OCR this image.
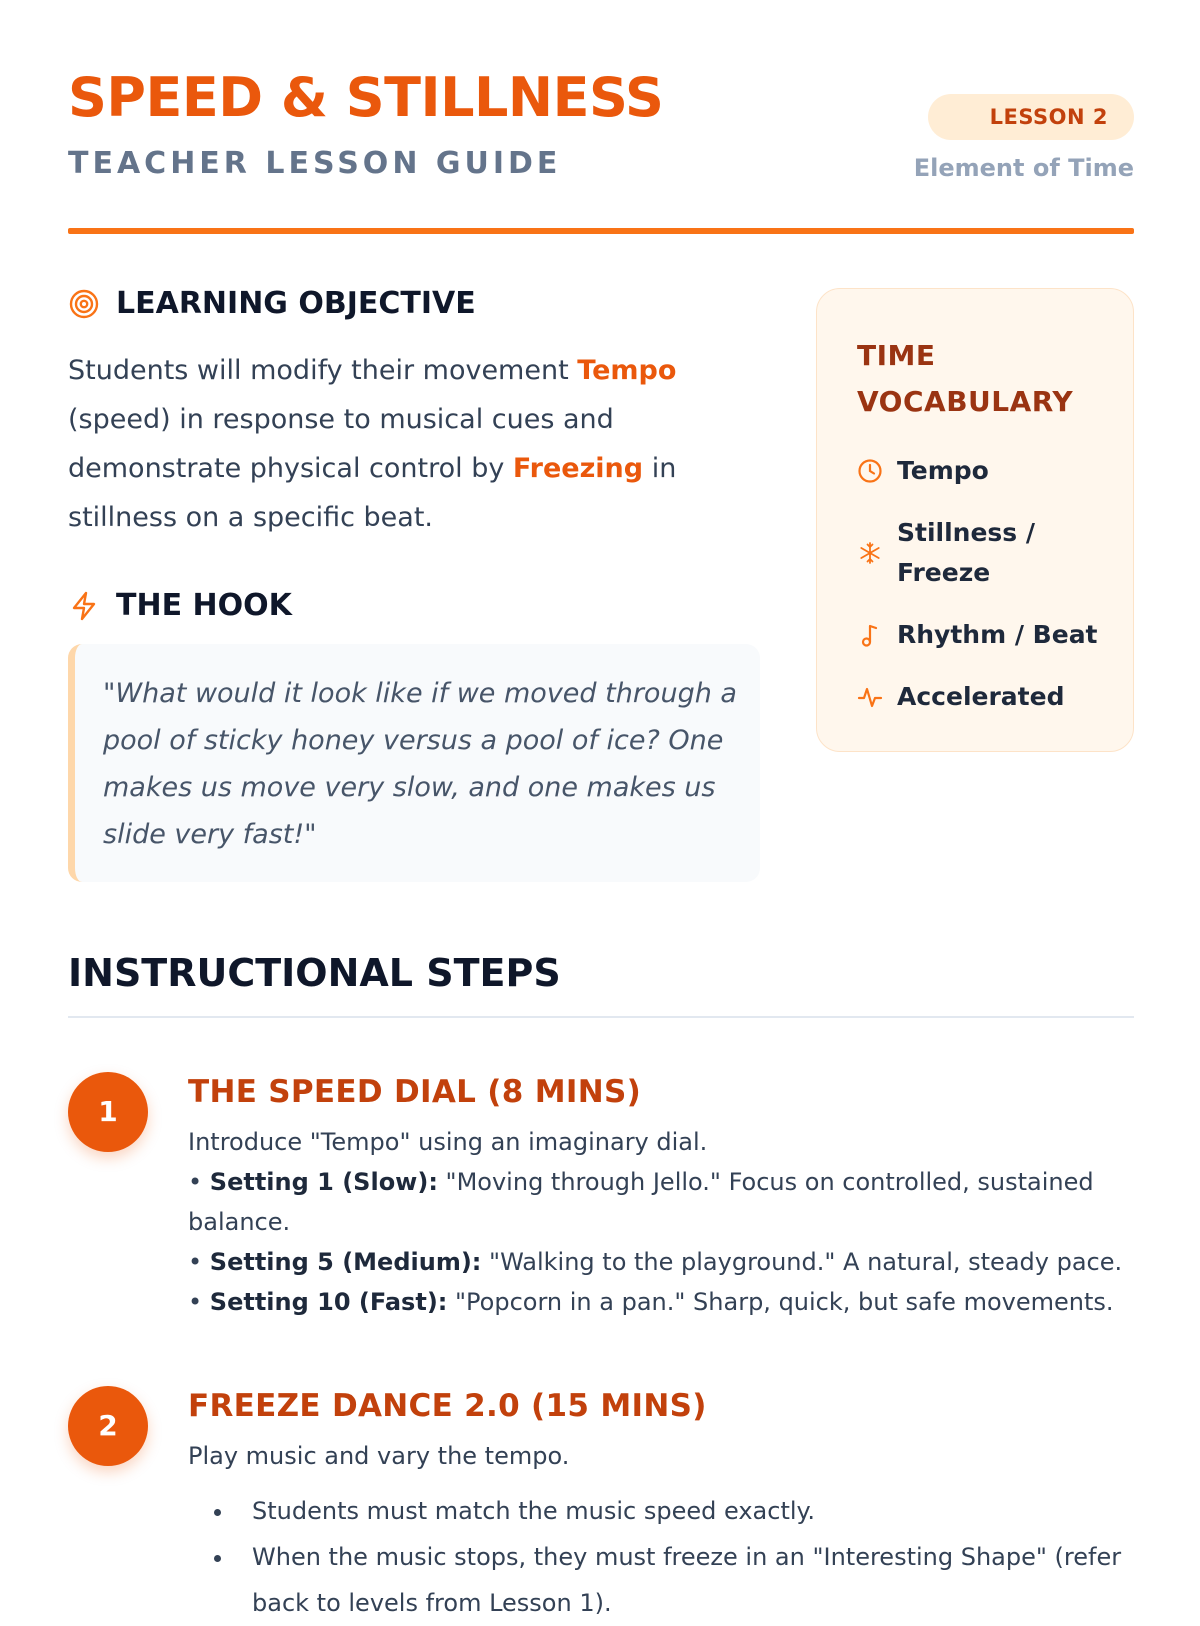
SPEED & STILLNESS
TEACHER LESSON GUIDE
LESSON 2
Element of Time
LEARNING OBJECTIVE

Students will modify their movement Tempo (speed) in response to musical cues and demonstrate physical control by Freezing in stillness on a specific beat.

THE HOOK

"What would it look like if we moved through a pool of sticky honey versus a pool of ice? One makes us move very slow, and one makes us slide very fast!"

TIME
VOCABULARY
Tempo
Stillness / Freeze
Rhythm / Beat
Accelerated
INSTRUCTIONAL STEPS
1
THE SPEED DIAL (8 MINS)

Introduce "Tempo" using an imaginary dial.

• Setting 1 (Slow): "Moving through Jello." Focus on controlled, sustained balance.

• Setting 5 (Medium): "Walking to the playground." A natural, steady pace.

• Setting 10 (Fast): "Popcorn in a pan." Sharp, quick, but safe movements.

2
FREEZE DANCE 2.0 (15 MINS)

Play music and vary the tempo.

Students must match the music speed exactly.
When the music stops, they must freeze in an "Interesting Shape" (refer back to levels from Lesson 1).
